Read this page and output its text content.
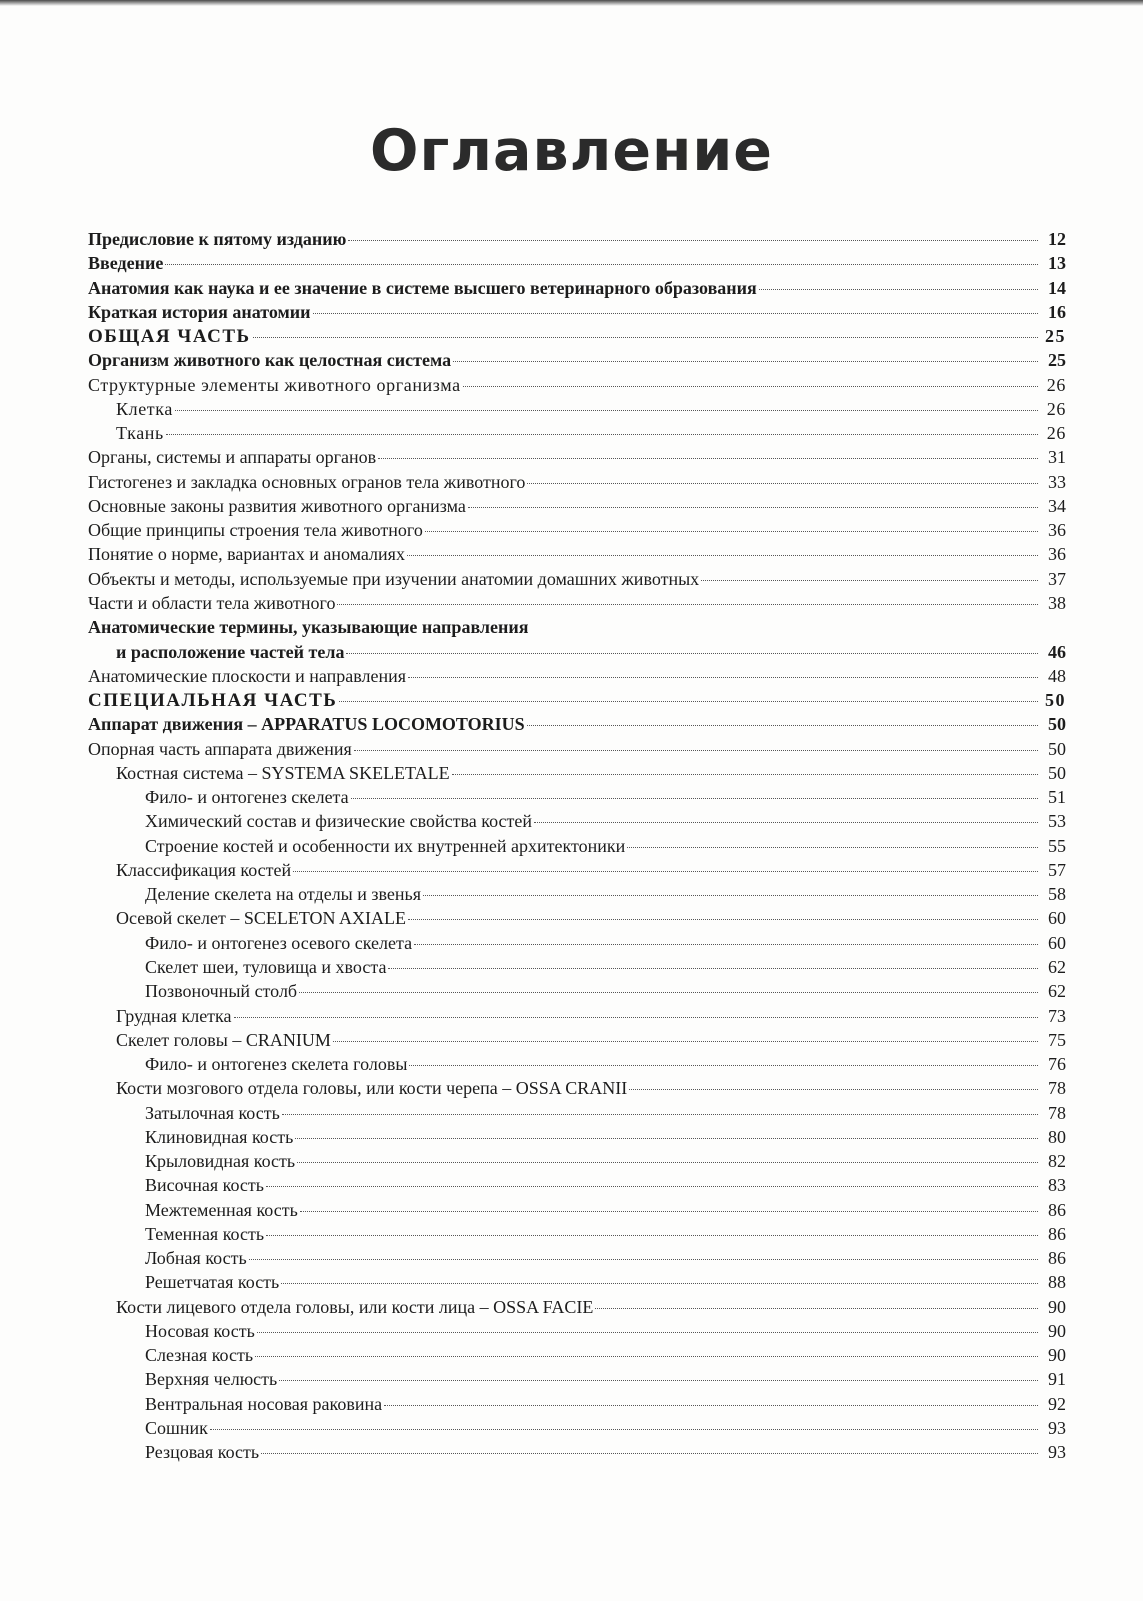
Оглавление
Предисловие к пятому изданию	12
Введение	13
Анатомия как наука и ее значение в системе высшего ветеринарного образования	14
Краткая история анатомии	16
ОБЩАЯ ЧАСТЬ	25
Организм животного как целостная система	25
Структурные элементы животного организма	26
Клетка	26
Ткань	26
Органы, системы и аппараты органов	31
Гистогенез и закладка основных огранов тела животного	33
Основные законы развития животного организма	34
Общие принципы строения тела животного	36
Понятие о норме, вариантах и аномалиях	36
Объекты и методы, используемые при изучении анатомии домашних животных	37
Части и области тела животного	38
Анатомические термины, указывающие направления
и расположение частей тела	46
Анатомические плоскости и направления	48
СПЕЦИАЛЬНАЯ ЧАСТЬ	50
Аппарат движения – APPARATUS LOCOMOTORIUS	50
Опорная часть аппарата движения	50
Костная система – SYSTEMA SKELETALE	50
Фило- и онтогенез скелета	51
Химический состав и физические свойства костей	53
Строение костей и особенности их внутренней архитектоники	55
Классификация костей	57
Деление скелета на отделы и звенья	58
Осевой скелет – SCELETON AXIALE	60
Фило- и онтогенез осевого скелета	60
Скелет шеи, туловища и хвоста	62
Позвоночный столб	62
Грудная клетка	73
Скелет головы – CRANIUM	75
Фило- и онтогенез скелета головы	76
Кости мозгового отдела головы, или кости черепа – OSSA CRANII	78
Затылочная кость	78
Клиновидная кость	80
Крыловидная кость	82
Височная кость	83
Межтеменная кость	86
Теменная кость	86
Лобная кость	86
Решетчатая кость	88
Кости лицевого отдела головы, или кости лица – OSSA FACIE	90
Носовая кость	90
Слезная кость	90
Верхняя челюсть	91
Вентральная носовая раковина	92
Сошник	93
Резцовая кость	93
